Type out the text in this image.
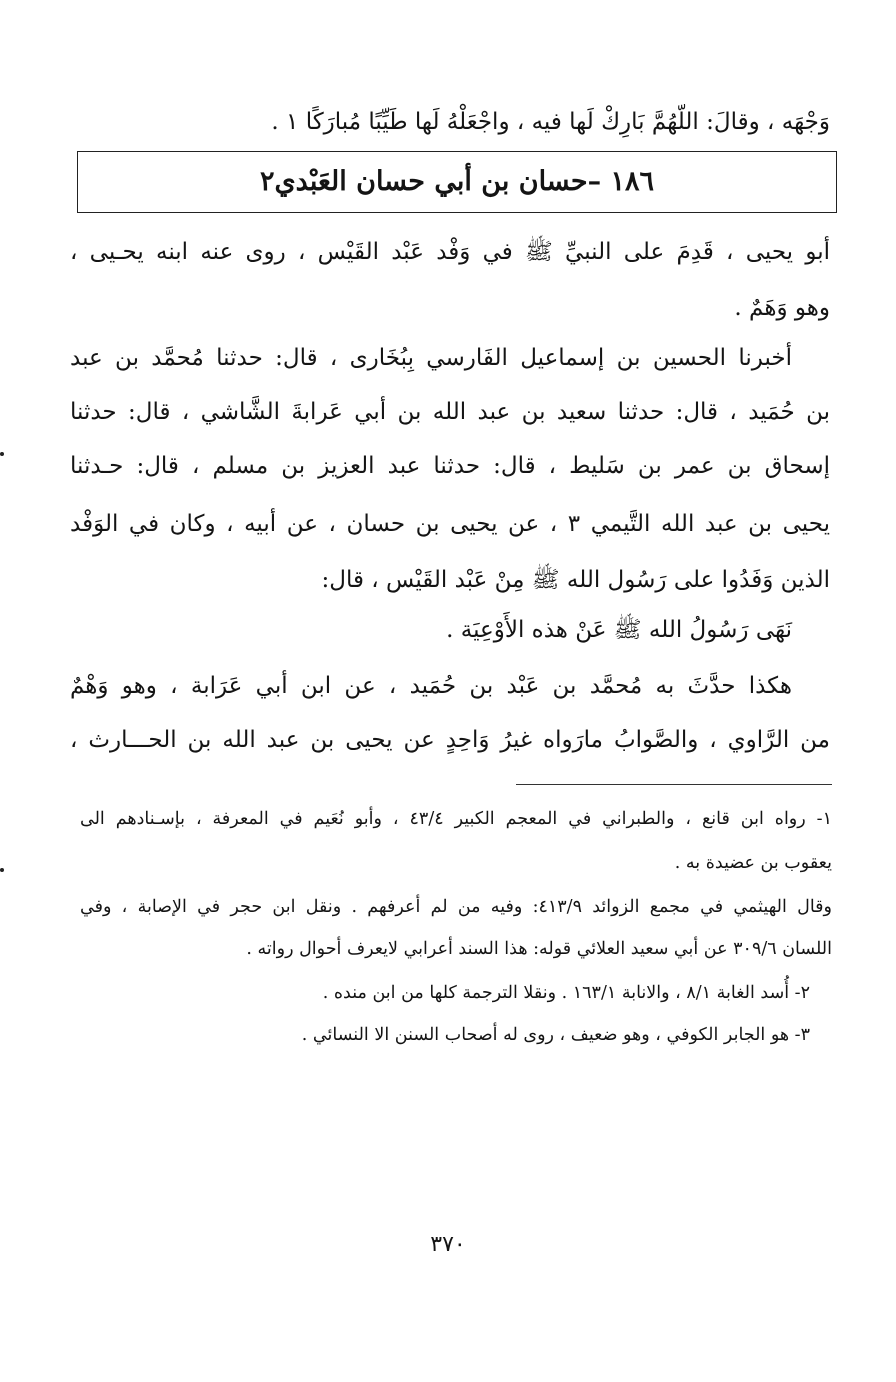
وَجْهَه ، وقالَ: اللّهُمَّ بَارِكْ لَها فيه ، واجْعَلْهُ لَها طَيِّبًا مُبارَكًا ١ .
١٨٦ –حسان بن أبي حسان العَبْدي٢
أبو يحيى ، قَدِمَ على النبيِّ ﷺ في وَفْد عَبْد القَيْس ، روى عنه ابنه يحـيى ،
وهو وَهَمٌ .
أخبرنا الحسين بن إسماعيل الفَارسي بِبُخَارى ، قال: حدثنا مُحمَّد بن عبد
بن حُمَيد ، قال: حدثنا سعيد بن عبد الله بن أبي عَرابةَ الشَّاشي ، قال: حدثنا
إسحاق بن عمر بن سَليط ، قال: حدثنا عبد العزيز بن مسلم ، قال: حـدثنا
يحيى بن عبد الله التَّيمي ٣ ، عن يحيى بن حسان ، عن أبيه ، وكان في الوَفْد
الذين وَفَدُوا على رَسُول الله ﷺ مِنْ عَبْد القَيْس ، قال:
نَهَى رَسُولُ الله ﷺ عَنْ هذه الأَوْعِيَة .
هكذا حدَّثَ به مُحمَّد بن عَبْد بن حُمَيد ، عن ابن أبي عَرَابة ، وهو وَهْمٌ
من الرَّاوي ، والصَّوابُ مارَواه غيرُ وَاحِدٍ عن يحيى بن عبد الله بن الحـــارث ،
١- رواه ابن قانع ، والطبراني في المعجم الكبير ٤٣/٤ ، وأبو نُعَيم في المعرفة ، بإسـنادهم الى
يعقوب بن عضيدة به .
وقال الهيثمي في مجمع الزوائد ٤١٣/٩: وفيه من لم أعرفهم . ونقل ابن حجر في الإصابة ، وفي
اللسان ٣٠٩/٦ عن أبي سعيد العلائي قوله: هذا السند أعرابي لايعرف أحوال رواته .
٢- أُسد الغابة ٨/١ ، والانابة ١٦٣/١ . ونقلا الترجمة كلها من ابن منده .
٣- هو الجابر الكوفي ، وهو ضعيف ، روى له أصحاب السنن الا النسائي .
٣٧٠
